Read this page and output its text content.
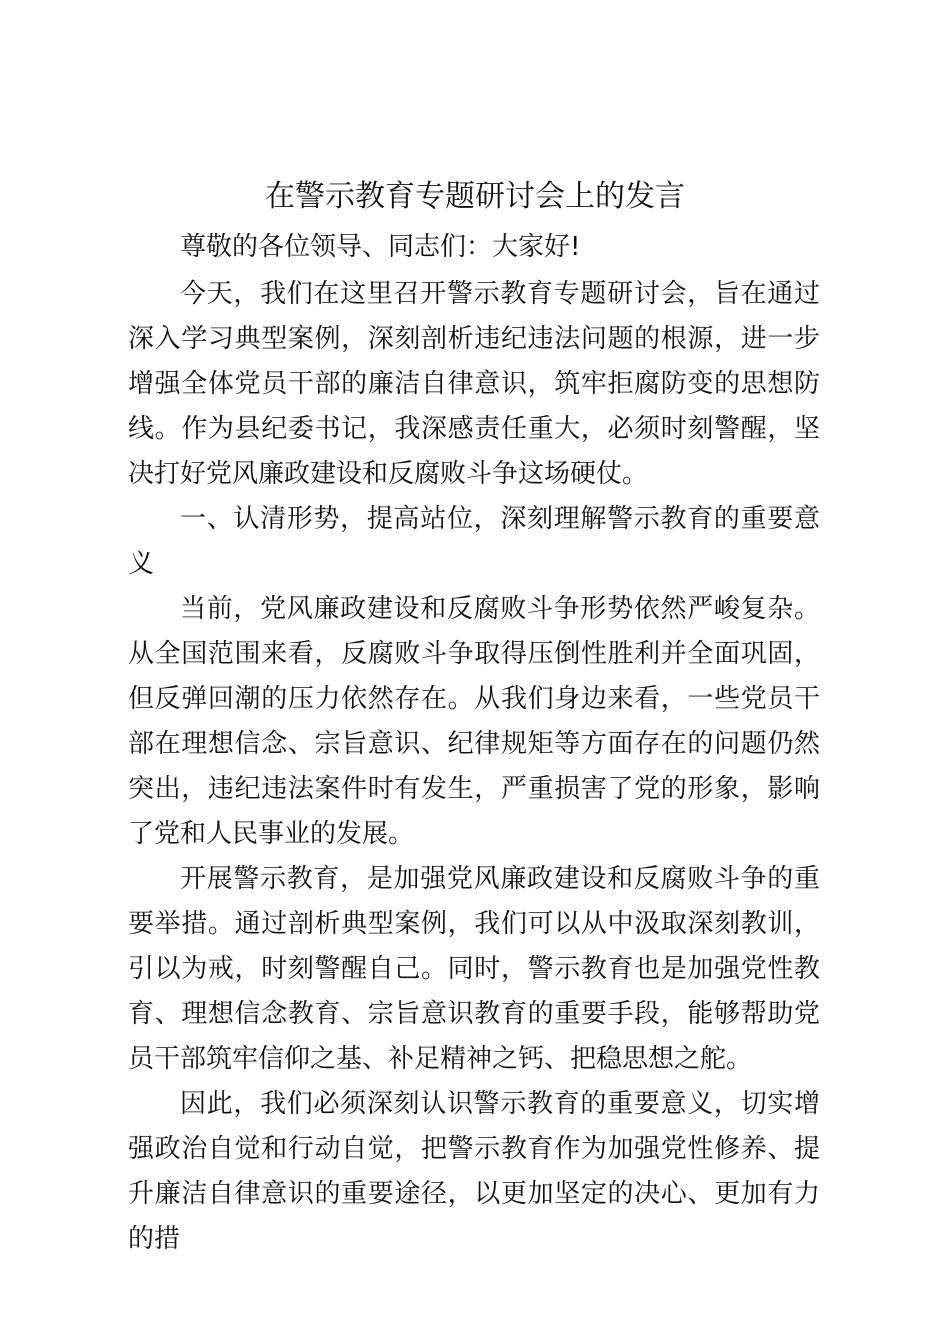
在警示教育专题研讨会上的发言

尊敬的各位领导、同志们：大家好!

今天，我们在这里召开警示教育专题研讨会，旨在通过深入学习典型案例，深刻剖析违纪违法问题的根源，进一步增强全体党员干部的廉洁自律意识，筑牢拒腐防变的思想防线。作为县纪委书记，我深感责任重大，必须时刻警醒，坚决打好党风廉政建设和反腐败斗争这场硬仗。

一、认清形势，提高站位，深刻理解警示教育的重要意义

当前，党风廉政建设和反腐败斗争形势依然严峻复杂。从全国范围来看，反腐败斗争取得压倒性胜利并全面巩固，但反弹回潮的压力依然存在。从我们身边来看，一些党员干部在理想信念、宗旨意识、纪律规矩等方面存在的问题仍然突出，违纪违法案件时有发生，严重损害了党的形象，影响了党和人民事业的发展。

开展警示教育，是加强党风廉政建设和反腐败斗争的重要举措。通过剖析典型案例，我们可以从中汲取深刻教训，引以为戒，时刻警醒自己。同时，警示教育也是加强党性教育、理想信念教育、宗旨意识教育的重要手段，能够帮助党员干部筑牢信仰之基、补足精神之钙、把稳思想之舵。

因此，我们必须深刻认识警示教育的重要意义，切实增强政治自觉和行动自觉，把警示教育作为加强党性修养、提升廉洁自律意识的重要途径，以更加坚定的决心、更加有力的措
